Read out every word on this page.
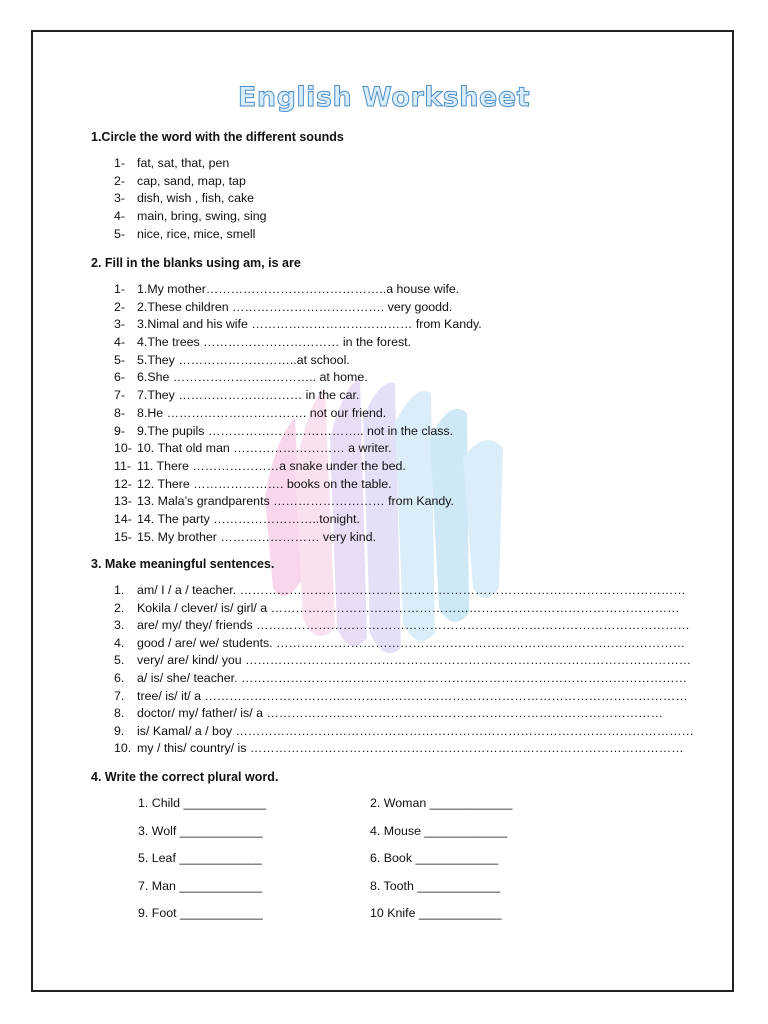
English Worksheet
1.Circle the word with the different sounds
1- fat, sat, that, pen
2- cap, sand, map, tap
3- dish, wish , fish, cake
4- main, bring, swing, sing
5- nice, rice, mice, smell
2. Fill in the blanks using am, is are
1- 1.My mother……………………………………..a house wife.
2- 2.These children ………………………………. very goodd.
3- 3.Nimal and his wife ………………………………… from Kandy.
4- 4.The trees …………………………… in the forest.
5- 5.They ………………………..at school.
6- 6.She …………………………….. at home.
7- 7.They ………………………… in the car.
8- 8.He ……………………………. not our friend.
9- 9.The pupils ……………………………….. not in the class.
10- 10. That old man ……………………… a writer.
11- 11. There …………………a snake under the bed.
12- 12. There …………………. books on the table.
13- 13. Mala’s grandparents ……………………… from Kandy.
14- 14. The party ……………………..tonight.
15- 15. My brother …………………… very kind.
3. Make meaningful sentences.
1. am/ I / a / teacher. ………………………………………………………………………………………………
2. Kokila / clever/ is/ girl/ a ………………………………………………………………………………………
3. are/ my/ they/ friends ……………………………………………………………………………………………
4. good / are/ we/ students. ………………………………………………………………………………………
5. very/ are/ kind/ you ………………………………………………………………………………………………
6. a/ is/ she/ teacher. ………………………………………………………………………………………………
7. tree/ is/ it/ a ………………………………………………………………………………………………………
8. doctor/ my/ father/ is/ a ……………………………………………………………………………………
9. is/ Kamal/ a / boy …………………………………………………………………………………………………
10. my / this/ country/ is ……………………………………………………………………………………………
4. Write the correct plural word.
1. Child ____________	2. Woman ____________
3. Wolf ____________	4. Mouse ____________
5. Leaf ____________	6. Book ____________
7. Man ____________	8. Tooth ____________
9. Foot ____________	10 Knife ____________
